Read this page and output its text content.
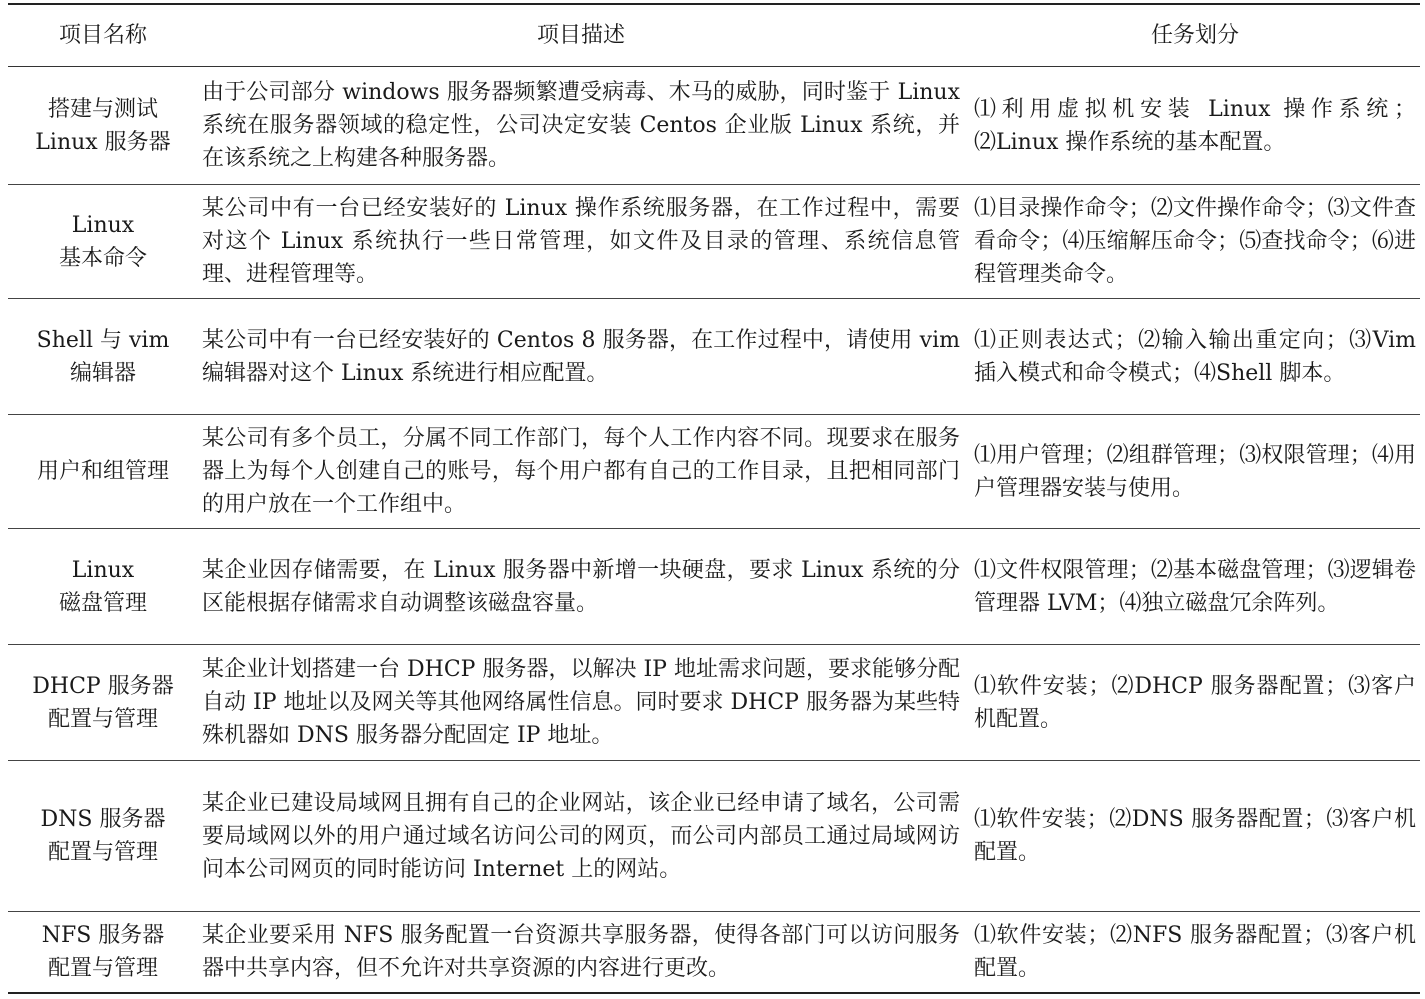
项目名称	项目描述	任务划分
搭建与测试
Linux 服务器
由于公司部分 windows 服务器频繁遭受病毒、木马的威胁，同时鉴于 Linux 系统在服务器领域的稳定性，公司决定安装 Centos 企业版 Linux 系统，并在该系统之上构建各种服务器。
⑴利用虚拟机安装 Linux 操作系统；⑵Linux 操作系统的基本配置。
Linux
基本命令
某公司中有一台已经安装好的 Linux 操作系统服务器，在工作过程中，需要对这个 Linux 系统执行一些日常管理，如文件及目录的管理、系统信息管理、进程管理等。
⑴目录操作命令；⑵文件操作命令；⑶文件查看命令；⑷压缩解压命令；⑸查找命令；⑹进程管理类命令。
Shell 与 vim
编辑器
某公司中有一台已经安装好的 Centos 8 服务器，在工作过程中，请使用 vim 编辑器对这个 Linux 系统进行相应配置。
⑴正则表达式；⑵输入输出重定向；⑶Vim 插入模式和命令模式；⑷Shell 脚本。
用户和组管理
某公司有多个员工，分属不同工作部门，每个人工作内容不同。现要求在服务器上为每个人创建自己的账号，每个用户都有自己的工作目录，且把相同部门的用户放在一个工作组中。
⑴用户管理；⑵组群管理；⑶权限管理；⑷用户管理器安装与使用。
Linux
磁盘管理
某企业因存储需要，在 Linux 服务器中新增一块硬盘，要求 Linux 系统的分区能根据存储需求自动调整该磁盘容量。
⑴文件权限管理；⑵基本磁盘管理；⑶逻辑卷管理器 LVM；⑷独立磁盘冗余阵列。
DHCP 服务器
配置与管理
某企业计划搭建一台 DHCP 服务器，以解决 IP 地址需求问题，要求能够分配自动 IP 地址以及网关等其他网络属性信息。同时要求 DHCP 服务器为某些特殊机器如 DNS 服务器分配固定 IP 地址。
⑴软件安装；⑵DHCP 服务器配置；⑶客户机配置。
DNS 服务器
配置与管理
某企业已建设局域网且拥有自己的企业网站，该企业已经申请了域名，公司需要局域网以外的用户通过域名访问公司的网页，而公司内部员工通过局域网访问本公司网页的同时能访问 Internet 上的网站。
⑴软件安装；⑵DNS 服务器配置；⑶客户机配置。
NFS 服务器
配置与管理
某企业要采用 NFS 服务配置一台资源共享服务器，使得各部门可以访问服务器中共享内容，但不允许对共享资源的内容进行更改。
⑴软件安装；⑵NFS 服务器配置；⑶客户机配置。
